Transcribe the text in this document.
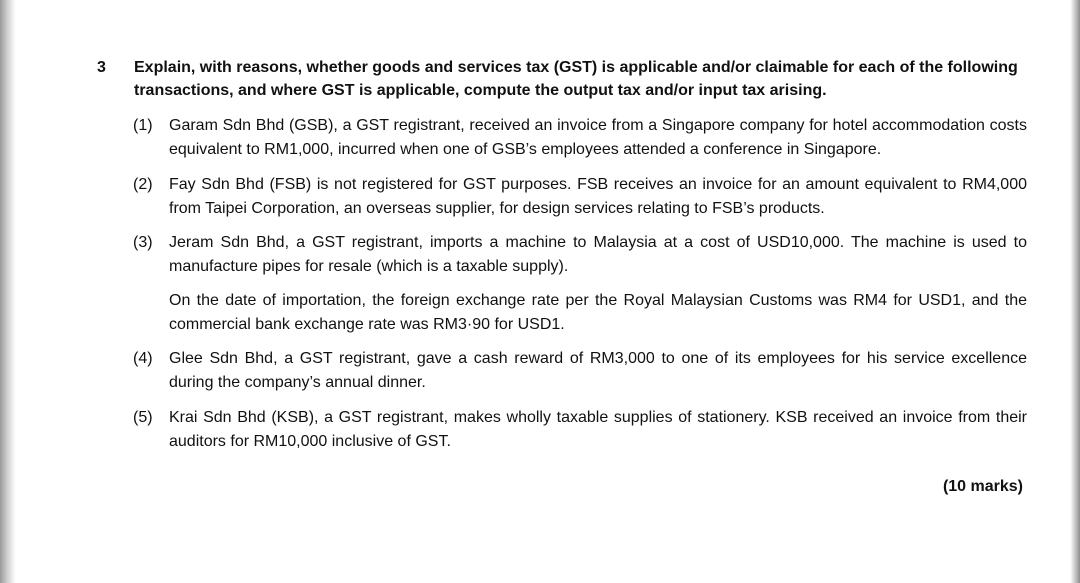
3 Explain, with reasons, whether goods and services tax (GST) is applicable and/or claimable for each of the following transactions, and where GST is applicable, compute the output tax and/or input tax arising.
(1) Garam Sdn Bhd (GSB), a GST registrant, received an invoice from a Singapore company for hotel accommodation costs equivalent to RM1,000, incurred when one of GSB’s employees attended a conference in Singapore.
(2) Fay Sdn Bhd (FSB) is not registered for GST purposes. FSB receives an invoice for an amount equivalent to RM4,000 from Taipei Corporation, an overseas supplier, for design services relating to FSB’s products.
(3) Jeram Sdn Bhd, a GST registrant, imports a machine to Malaysia at a cost of USD10,000. The machine is used to manufacture pipes for resale (which is a taxable supply).
On the date of importation, the foreign exchange rate per the Royal Malaysian Customs was RM4 for USD1, and the commercial bank exchange rate was RM3·90 for USD1.
(4) Glee Sdn Bhd, a GST registrant, gave a cash reward of RM3,000 to one of its employees for his service excellence during the company’s annual dinner.
(5) Krai Sdn Bhd (KSB), a GST registrant, makes wholly taxable supplies of stationery. KSB received an invoice from their auditors for RM10,000 inclusive of GST.
(10 marks)
